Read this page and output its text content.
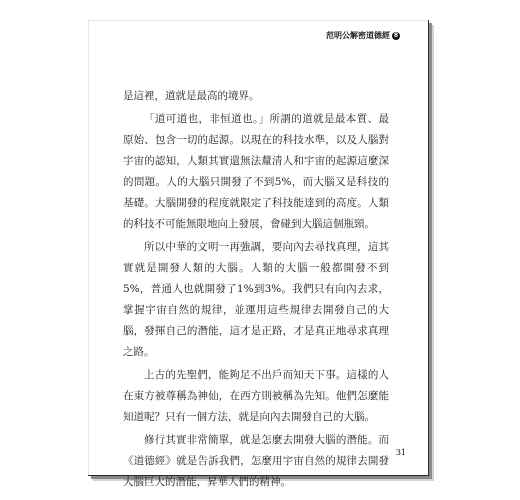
范明公解密道德經 8

是這裡，道就是最高的境界。

「道可道也，非恒道也。」所謂的道就是最本質、最原始、包含一切的起源。以現在的科技水準，以及人腦對宇宙的認知，人類其實還無法釐清人和宇宙的起源這麼深的問題。人的大腦只開發了不到5%，而大腦又是科技的基礎。大腦開發的程度就限定了科技能達到的高度。人類的科技不可能無限地向上發展，會碰到大腦這個瓶頸。

所以中華的文明一再強調，要向內去尋找真理，這其實就是開發人類的大腦。人類的大腦一般都開發不到5%，普通人也就開發了1%到3%。我們只有向內去求，掌握宇宙自然的規律，並運用這些規律去開發自己的大腦，發揮自己的潛能，這才是正路，才是真正地尋求真理之路。

上古的先聖們，能夠足不出戶而知天下事。這樣的人在東方被尊稱為神仙，在西方則被稱為先知。他們怎麼能知道呢？只有一個方法，就是向內去開發自己的大腦。

修行其實非常簡單，就是怎麼去開發大腦的潛能。而《道德經》就是告訴我們，怎麼用宇宙自然的規律去開發大腦巨大的潛能，昇華人們的精神。

31
